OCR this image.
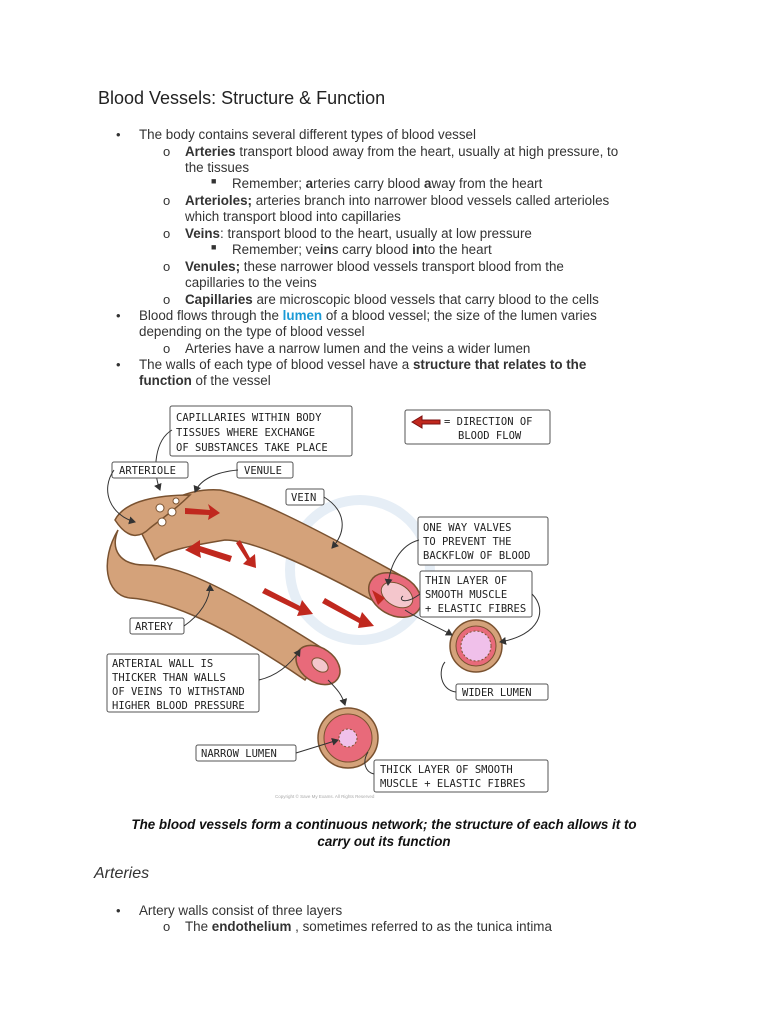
Blood Vessels: Structure & Function
• The body contains several different types of blood vessel
o Arteries transport blood away from the heart, usually at high pressure, to
the tissues
■ Remember; arteries carry blood away from the heart
o Arterioles; arteries branch into narrower blood vessels called arterioles
which transport blood into capillaries
o Veins: transport blood to the heart, usually at low pressure
■ Remember; veins carry blood into the heart
o Venules; these narrower blood vessels transport blood from the
capillaries to the veins
o Capillaries are microscopic blood vessels that carry blood to the cells
• Blood flows through the lumen of a blood vessel; the size of the lumen varies
depending on the type of blood vessel
o Arteries have a narrow lumen and the veins a wider lumen
• The walls of each type of blood vessel have a structure that relates to the
function of the vessel
CAPILLARIES WITHIN BODY
TISSUES WHERE EXCHANGE
OF SUBSTANCES TAKE PLACE
= DIRECTION OF
BLOOD FLOW
ARTERIOLE	VENULE
VEIN
ONE WAY VALVES
TO PREVENT THE
BACKFLOW OF BLOOD
THIN LAYER OF
SMOOTH MUSCLE
+ ELASTIC FIBRES
ARTERY
ARTERIAL WALL IS
THICKER THAN WALLS
OF VEINS TO WITHSTAND
HIGHER BLOOD PRESSURE
WIDER LUMEN
NARROW LUMEN
THICK LAYER OF SMOOTH
MUSCLE + ELASTIC FIBRES
Copyright © Save My Exams. All Rights Reserved
The blood vessels form a continuous network; the structure of each allows it to
carry out its function
Arteries
• Artery walls consist of three layers
o The endothelium , sometimes referred to as the tunica intima
